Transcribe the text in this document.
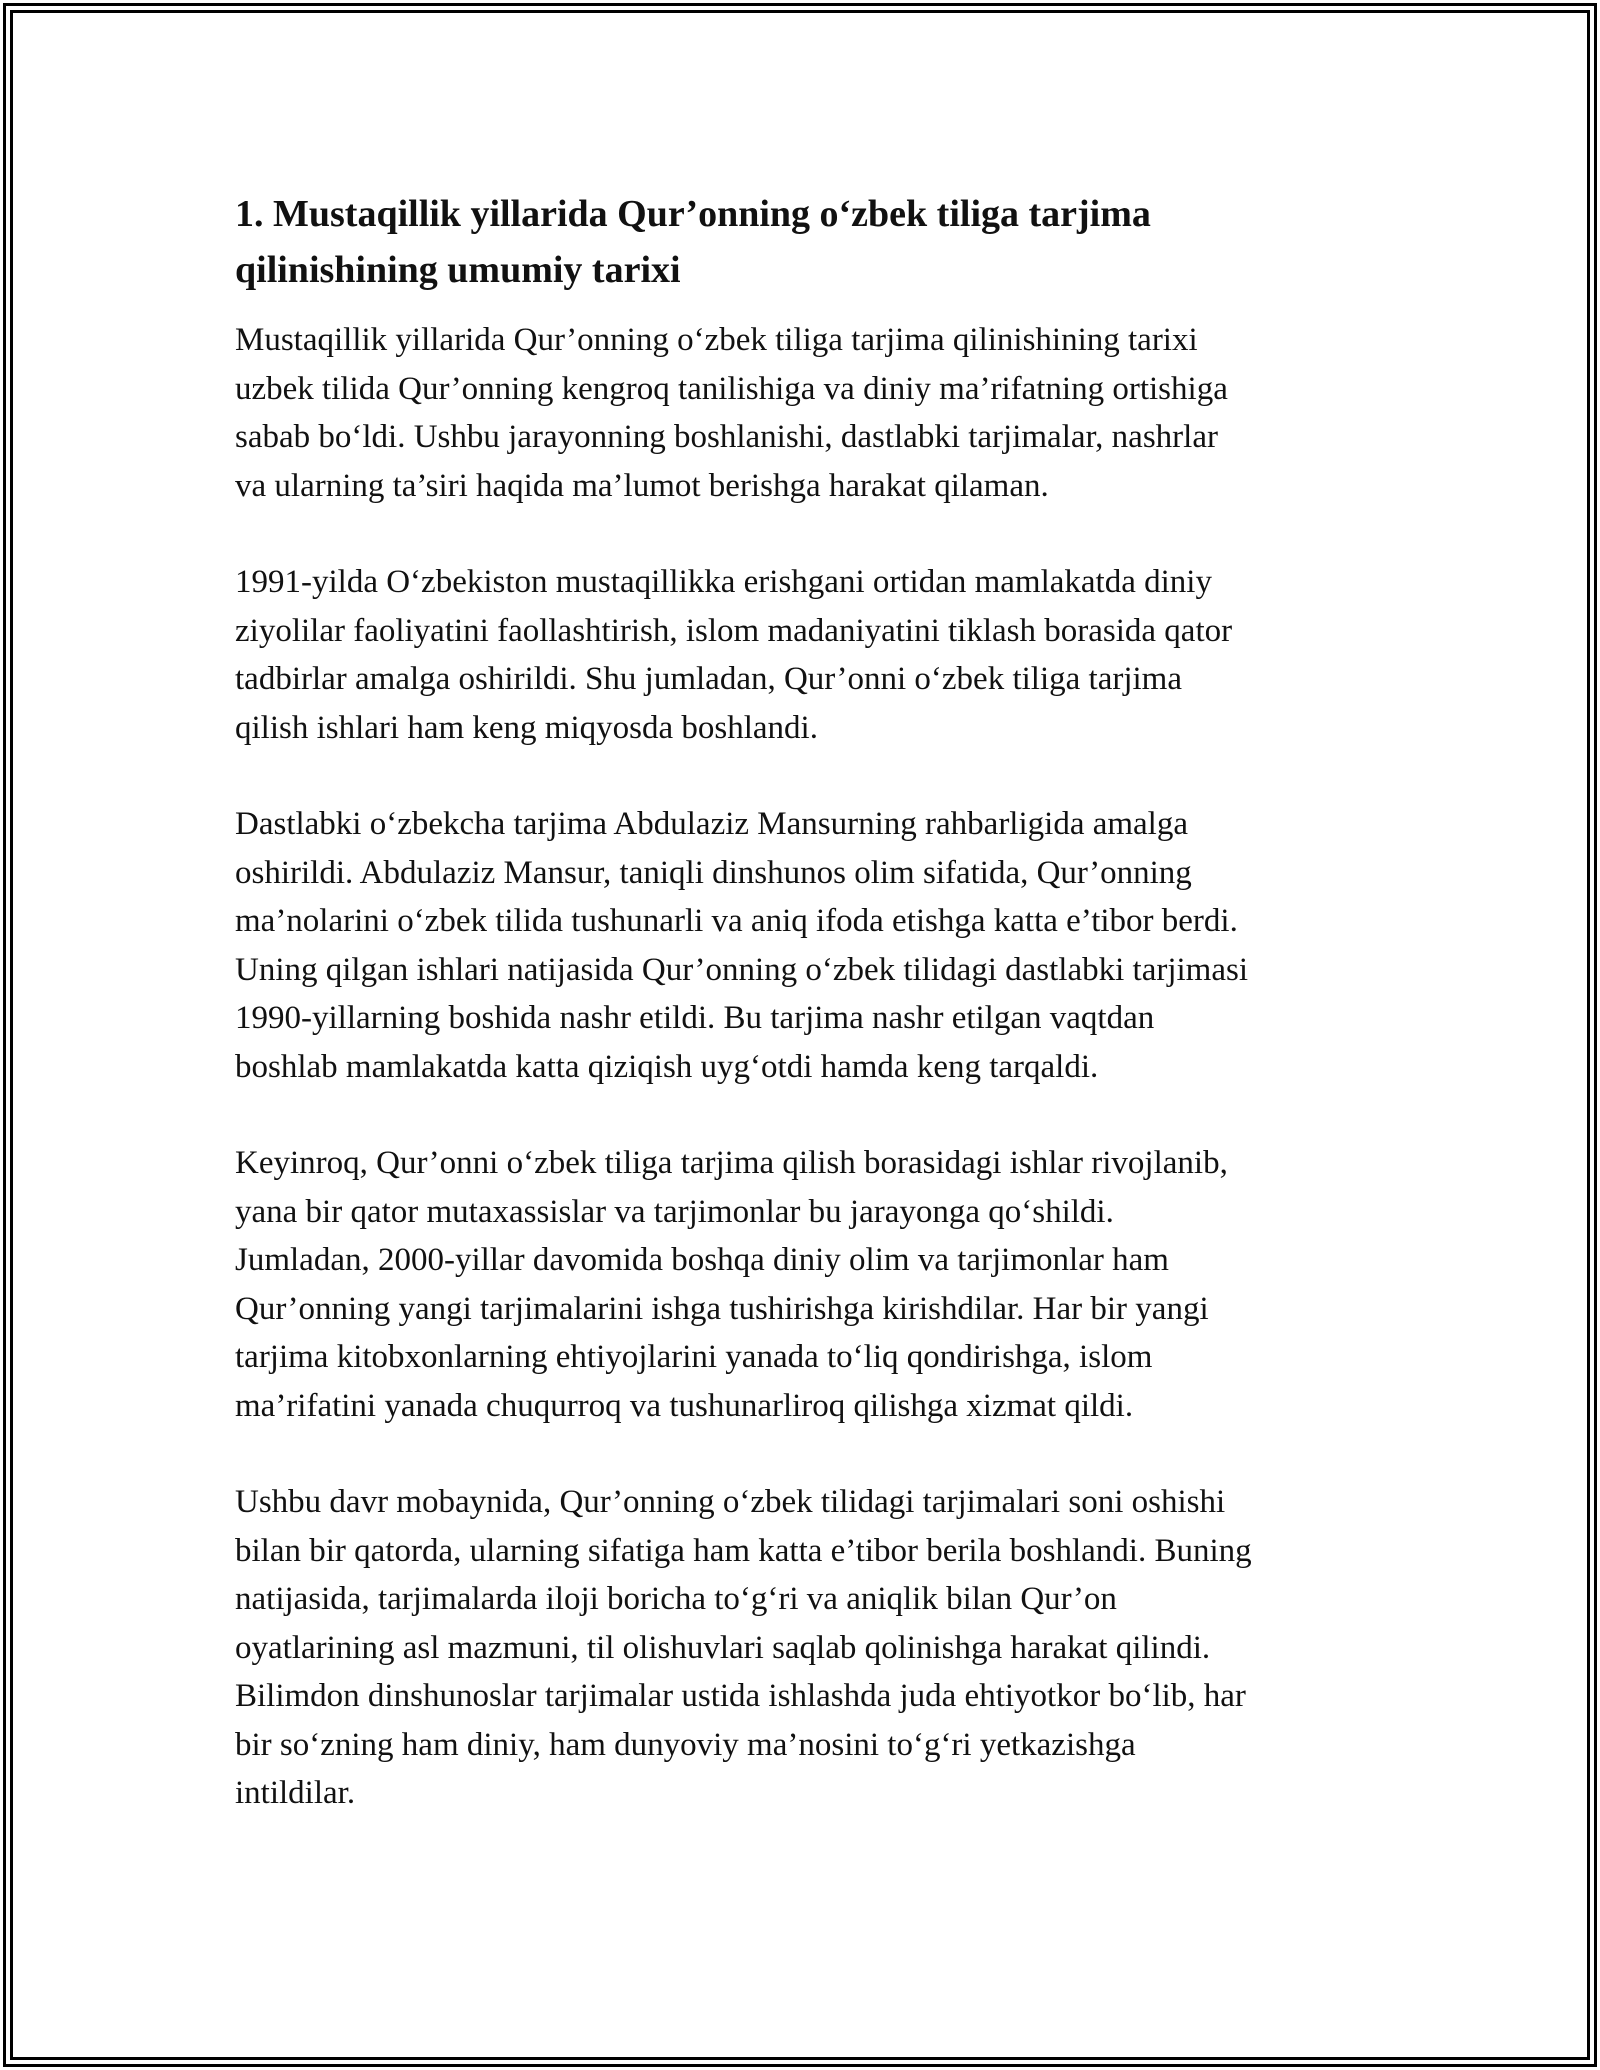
1. Mustaqillik yillarida Qur’onning o‘zbek tiliga tarjima
qilinishining umumiy tarixi

Mustaqillik yillarida Qur’onning o‘zbek tiliga tarjima qilinishining tarixi
uzbek tilida Qur’onning kengroq tanilishiga va diniy ma’rifatning ortishiga
sabab bo‘ldi. Ushbu jarayonning boshlanishi, dastlabki tarjimalar, nashrlar
va ularning ta’siri haqida ma’lumot berishga harakat qilaman.

1991-yilda O‘zbekiston mustaqillikka erishgani ortidan mamlakatda diniy
ziyolilar faoliyatini faollashtirish, islom madaniyatini tiklash borasida qator
tadbirlar amalga oshirildi. Shu jumladan, Qur’onni o‘zbek tiliga tarjima
qilish ishlari ham keng miqyosda boshlandi.

Dastlabki o‘zbekcha tarjima Abdulaziz Mansurning rahbarligida amalga
oshirildi. Abdulaziz Mansur, taniqli dinshunos olim sifatida, Qur’onning
ma’nolarini o‘zbek tilida tushunarli va aniq ifoda etishga katta e’tibor berdi.
Uning qilgan ishlari natijasida Qur’onning o‘zbek tilidagi dastlabki tarjimasi
1990-yillarning boshida nashr etildi. Bu tarjima nashr etilgan vaqtdan
boshlab mamlakatda katta qiziqish uyg‘otdi hamda keng tarqaldi.

Keyinroq, Qur’onni o‘zbek tiliga tarjima qilish borasidagi ishlar rivojlanib,
yana bir qator mutaxassislar va tarjimonlar bu jarayonga qo‘shildi.
Jumladan, 2000-yillar davomida boshqa diniy olim va tarjimonlar ham
Qur’onning yangi tarjimalarini ishga tushirishga kirishdilar. Har bir yangi
tarjima kitobxonlarning ehtiyojlarini yanada to‘liq qondirishga, islom
ma’rifatini yanada chuqurroq va tushunarliroq qilishga xizmat qildi.

Ushbu davr mobaynida, Qur’onning o‘zbek tilidagi tarjimalari soni oshishi
bilan bir qatorda, ularning sifatiga ham katta e’tibor berila boshlandi. Buning
natijasida, tarjimalarda iloji boricha to‘g‘ri va aniqlik bilan Qur’on
oyatlarining asl mazmuni, til olishuvlari saqlab qolinishga harakat qilindi.
Bilimdon dinshunoslar tarjimalar ustida ishlashda juda ehtiyotkor bo‘lib, har
bir so‘zning ham diniy, ham dunyoviy ma’nosini to‘g‘ri yetkazishga
intildilar.
